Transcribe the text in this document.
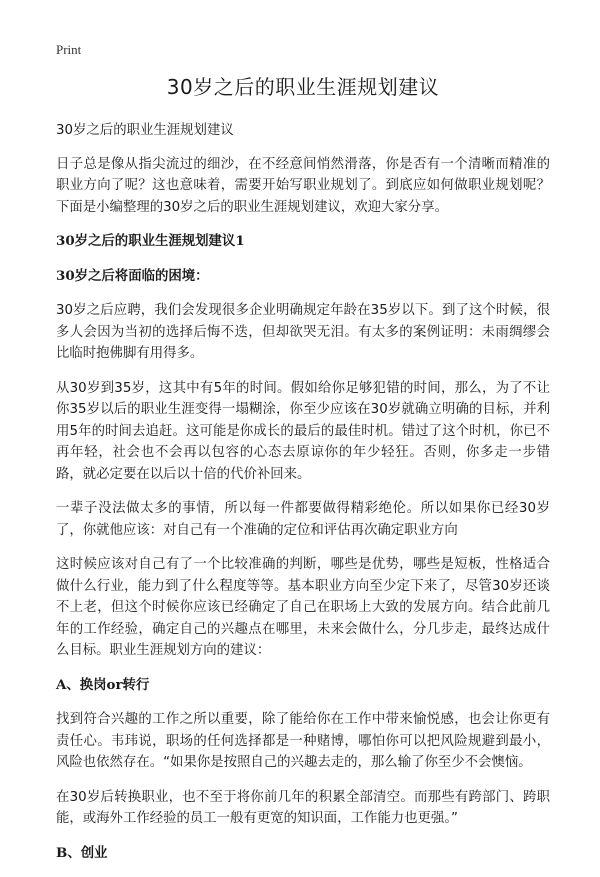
Print
30岁之后的职业生涯规划建议

30岁之后的职业生涯规划建议

日子总是像从指尖流过的细沙，在不经意间悄然滑落，你是否有一个清晰而精准的职业方向了呢？这也意味着，需要开始写职业规划了。到底应如何做职业规划呢？下面是小编整理的30岁之后的职业生涯规划建议，欢迎大家分享。

30岁之后的职业生涯规划建议1
30岁之后将面临的困境：

30岁之后应聘，我们会发现很多企业明确规定年龄在35岁以下。到了这个时候，很多人会因为当初的选择后悔不迭，但却欲哭无泪。有太多的案例证明：未雨绸缪会比临时抱佛脚有用得多。

从30岁到35岁，这其中有5年的时间。假如给你足够犯错的时间，那么，为了不让你35岁以后的职业生涯变得一塌糊涂，你至少应该在30岁就确立明确的目标，并利用5年的时间去追赶。这可能是你成长的最后的最佳时机。错过了这个时机，你已不再年轻，社会也不会再以包容的心态去原谅你的年少轻狂。否则，你多走一步错路，就必定要在以后以十倍的代价补回来。

一辈子没法做太多的事情，所以每一件都要做得精彩绝伦。所以如果你已经30岁了，你就他应该：对自己有一个准确的定位和评估再次确定职业方向

这时候应该对自己有了一个比较准确的判断，哪些是优势，哪些是短板，性格适合做什么行业，能力到了什么程度等等。基本职业方向至少定下来了，尽管30岁还谈不上老，但这个时候你应该已经确定了自己在职场上大致的发展方向。结合此前几年的工作经验，确定自己的兴趣点在哪里，未来会做什么，分几步走，最终达成什么目标。职业生涯规划方向的建议：

A、换岗or转行

找到符合兴趣的工作之所以重要，除了能给你在工作中带来愉悦感，也会让你更有责任心。韦玮说，职场的任何选择都是一种赌博，哪怕你可以把风险规避到最小，风险也依然存在。“如果你是按照自己的兴趣去走的，那么输了你至少不会懊恼。

在30岁后转换职业，也不至于将你前几年的积累全部清空。而那些有跨部门、跨职能，或海外工作经验的员工一般有更宽的知识面，工作能力也更强。”

B、创业
